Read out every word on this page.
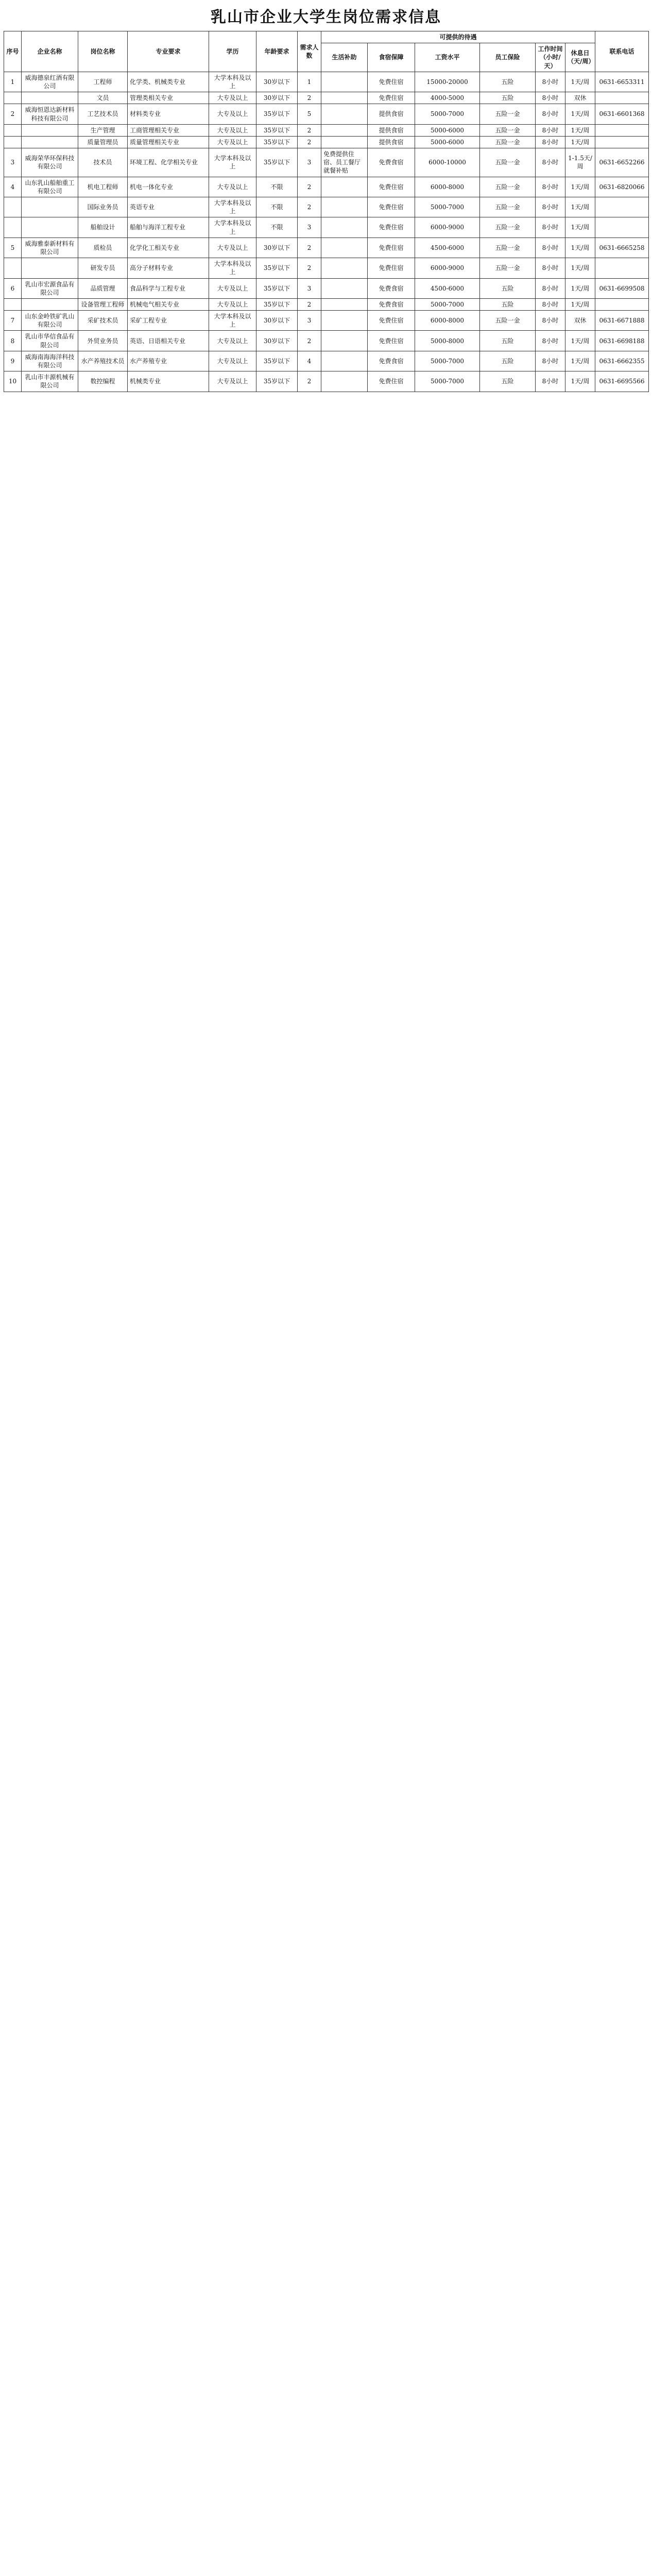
乳山市企业大学生岗位需求信息
序号	企业名称	岗位名称	专业要求	学历	年龄要求	需求人数	可提供的待遇						联系电话
							生活补助	食宿保障	工资水平	员工保险	工作时间（小时/天）	休息日（天/周）	
1	威海德泉红酒有限公司	工程师	化学类、机械类专业	大学本科及以上	30岁以下	1		免费住宿	15000-20000	五险	8小时	1天/周	0631-6653311
		文员	管理类相关专业	大专及以上	30岁以下	2		免费住宿	4000-5000	五险	8小时	双休	
2	威海恒恩达新材料科技有限公司	工艺技术员	材料类专业	大专及以上	35岁以下	5		提供食宿	5000-7000	五险一金	8小时	1天/周	0631-6601368
		生产管理	工商管理相关专业	大专及以上	35岁以下	2		提供食宿	5000-6000	五险一金	8小时	1天/周	
		质量管理员	质量管理相关专业	大专及以上	35岁以下	2		提供食宿	5000-6000	五险一金	8小时	1天/周	
3	威海荣华环保科技有限公司	技术员	环境工程、化学相关专业	大学本科及以上	35岁以下	3	免费提供住宿、员工餐厅就餐补贴	免费食宿	6000-10000	五险一金	8小时	1-1.5天/周	0631-6652266
4	山东乳山船舶重工有限公司	机电工程师	机电一体化专业	大专及以上	不限	2		免费住宿	6000-8000	五险一金	8小时	1天/周	0631-6820066
		国际业务员	英语专业	大学本科及以上	不限	2		免费住宿	5000-7000	五险一金	8小时	1天/周	
		船舶设计	船舶与海洋工程专业	大学本科及以上	不限	3		免费住宿	6000-9000	五险一金	8小时	1天/周	
5	威海雅泰新材料有限公司	质检员	化学化工相关专业	大专及以上	30岁以下	2		免费住宿	4500-6000	五险一金	8小时	1天/周	0631-6665258
		研发专员	高分子材料专业	大学本科及以上	35岁以下	2		免费住宿	6000-9000	五险一金	8小时	1天/周	
6	乳山市宏源食品有限公司	品质管理	食品科学与工程专业	大专及以上	35岁以下	3		免费食宿	4500-6000	五险	8小时	1天/周	0631-6699508
		设备管理工程师	机械电气相关专业	大专及以上	35岁以下	2		免费食宿	5000-7000	五险	8小时	1天/周	
7	山东金岭铁矿乳山有限公司	采矿技术员	采矿工程专业	大学本科及以上	30岁以下	3		免费住宿	6000-8000	五险一金	8小时	双休	0631-6671888
8	乳山市华信食品有限公司	外贸业务员	英语、日语相关专业	大专及以上	30岁以下	2		免费住宿	5000-8000	五险	8小时	1天/周	0631-6698188
9	威海南海海洋科技有限公司	水产养殖技术员	水产养殖专业	大专及以上	35岁以下	4		免费食宿	5000-7000	五险	8小时	1天/周	0631-6662355
10	乳山市丰源机械有限公司	数控编程	机械类专业	大专及以上	35岁以下	2		免费住宿	5000-7000	五险	8小时	1天/周	0631-6695566
